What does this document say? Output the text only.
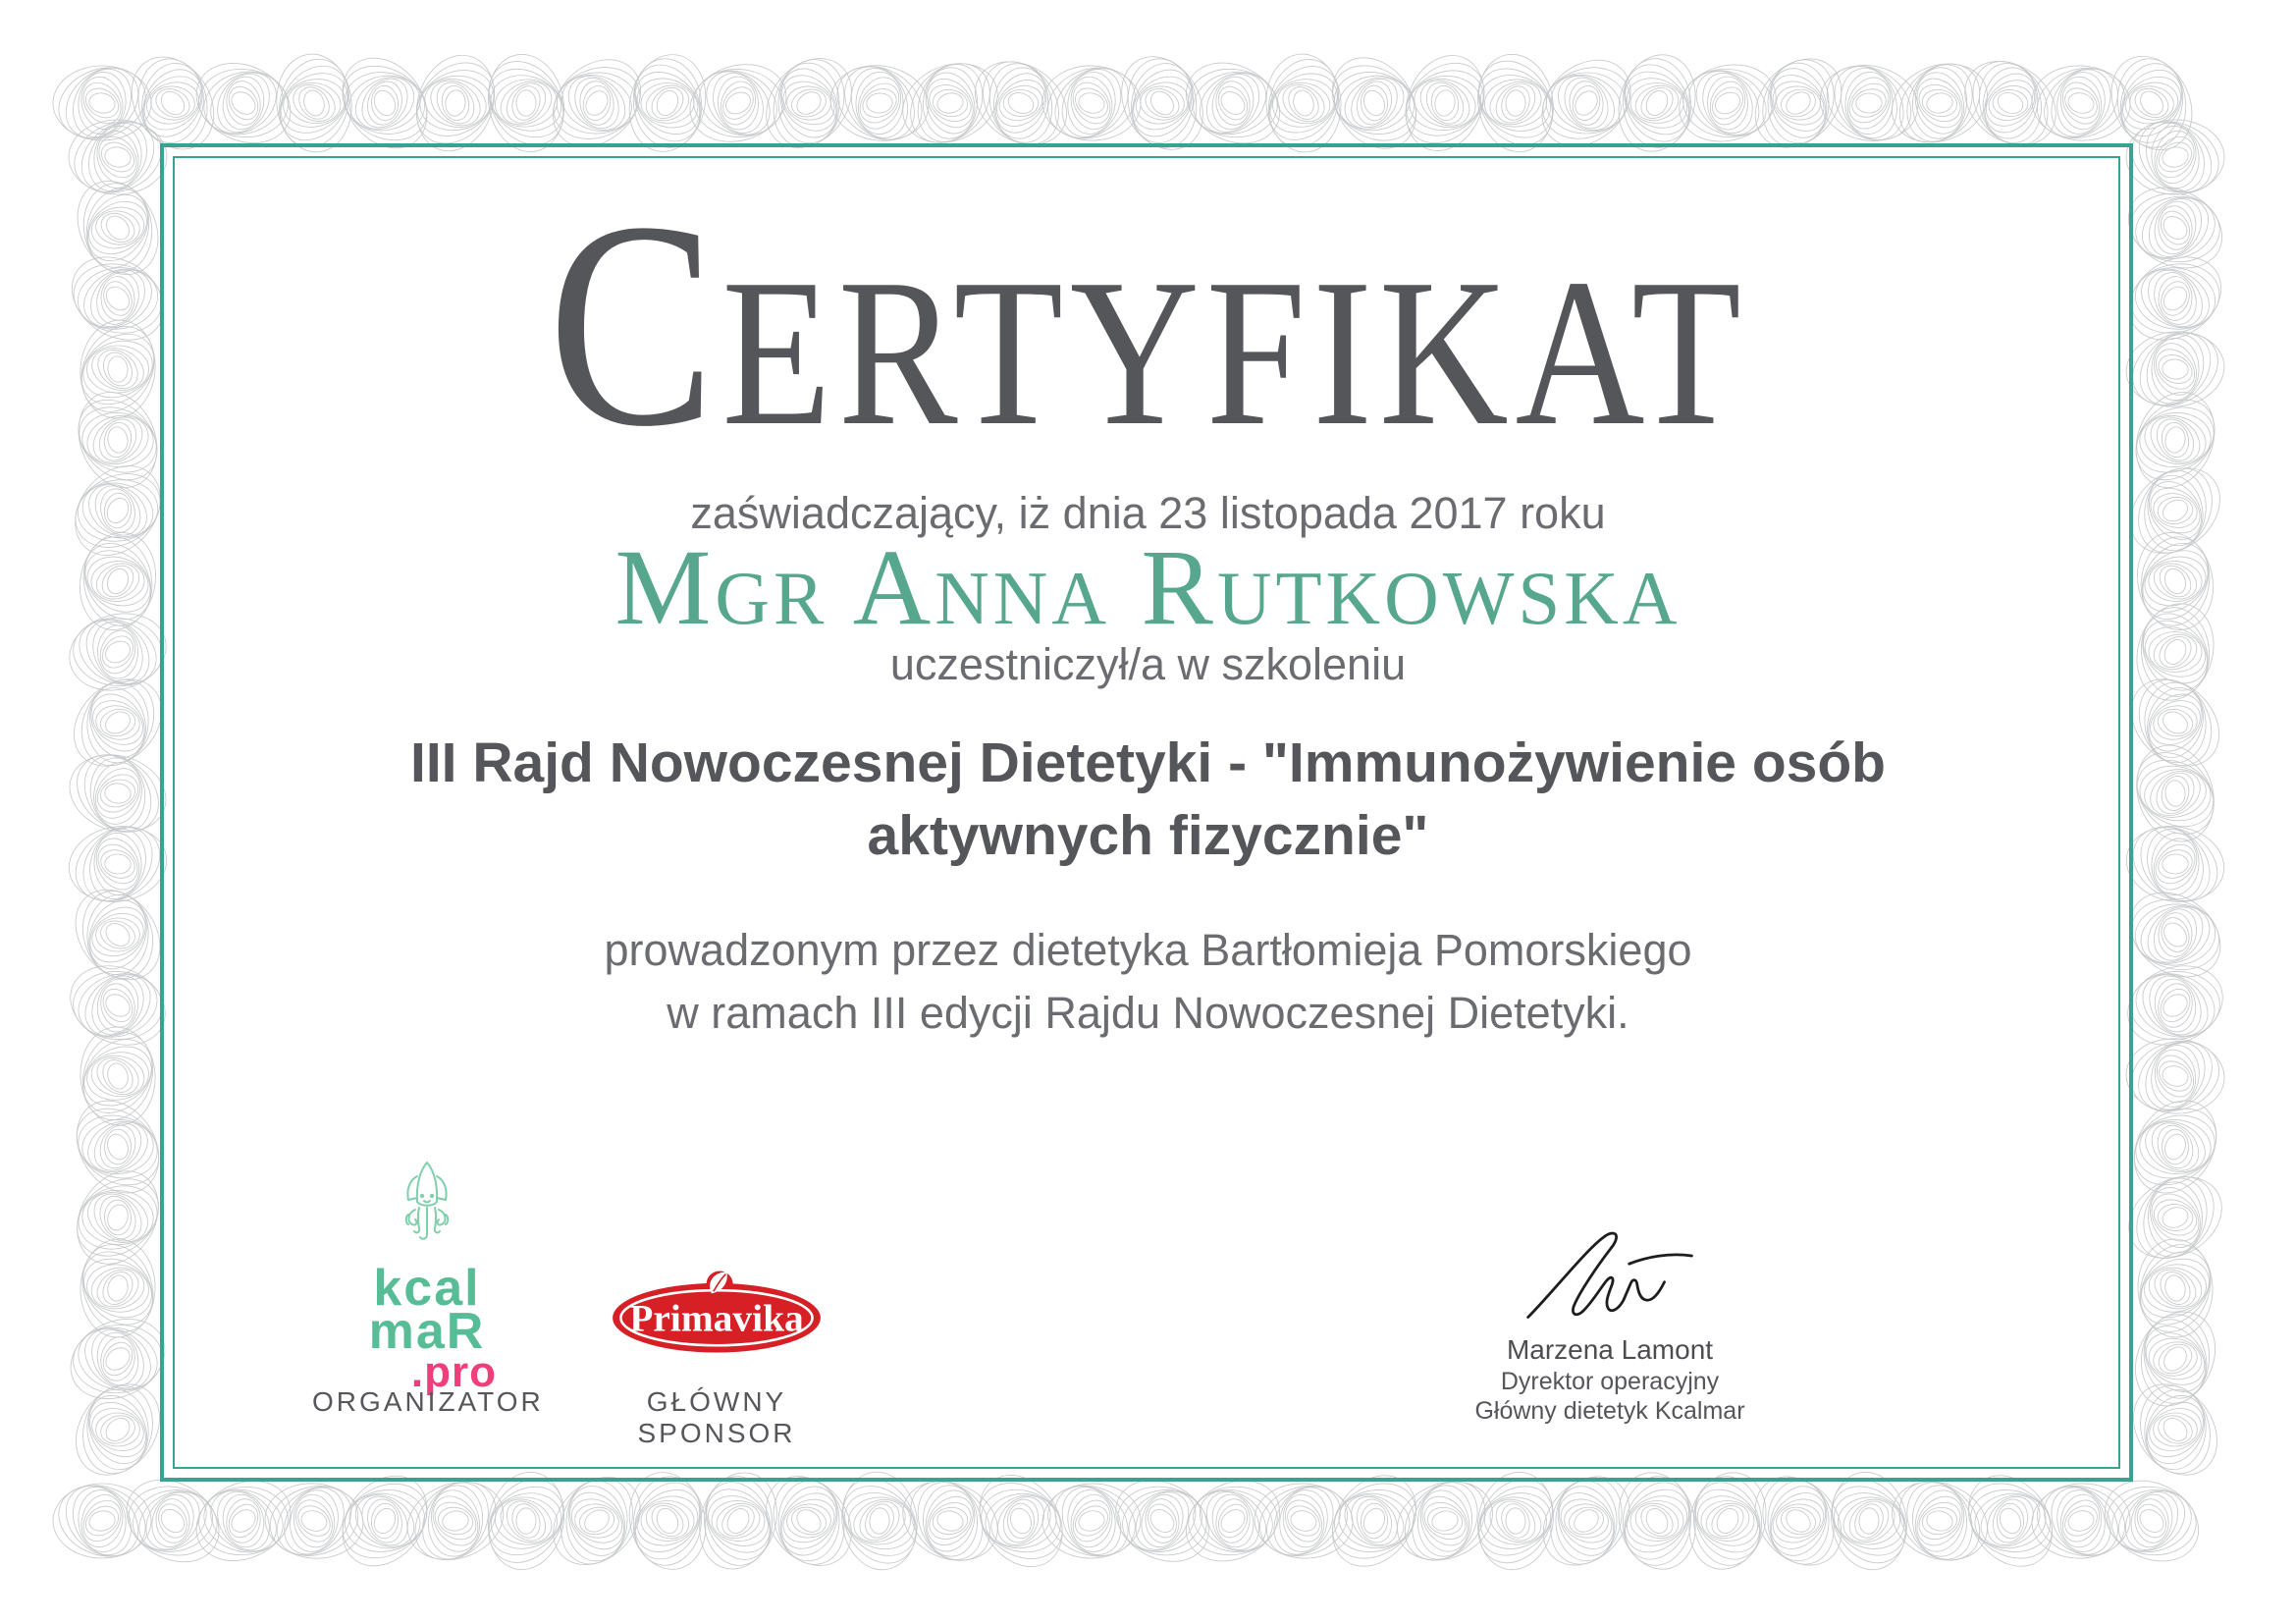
C ERTYFIKAT
zaświadczający, iż dnia 23 listopada 2017 roku
Mgr Anna Rutkowska
uczestniczył/a w szkoleniu
III Rajd Nowoczesnej Dietetyki - "Immunożywienie osób
aktywnych fizycznie"
prowadzonym przez dietetyka Bartłomieja Pomorskiego
w ramach III edycji Rajdu Nowoczesnej Dietetyki.
kcal
maR
.pro
ORGANIZATOR
Primavika
GŁÓWNY SPONSOR
Marzena Lamont
Dyrektor operacyjny
Główny dietetyk Kcalmar
